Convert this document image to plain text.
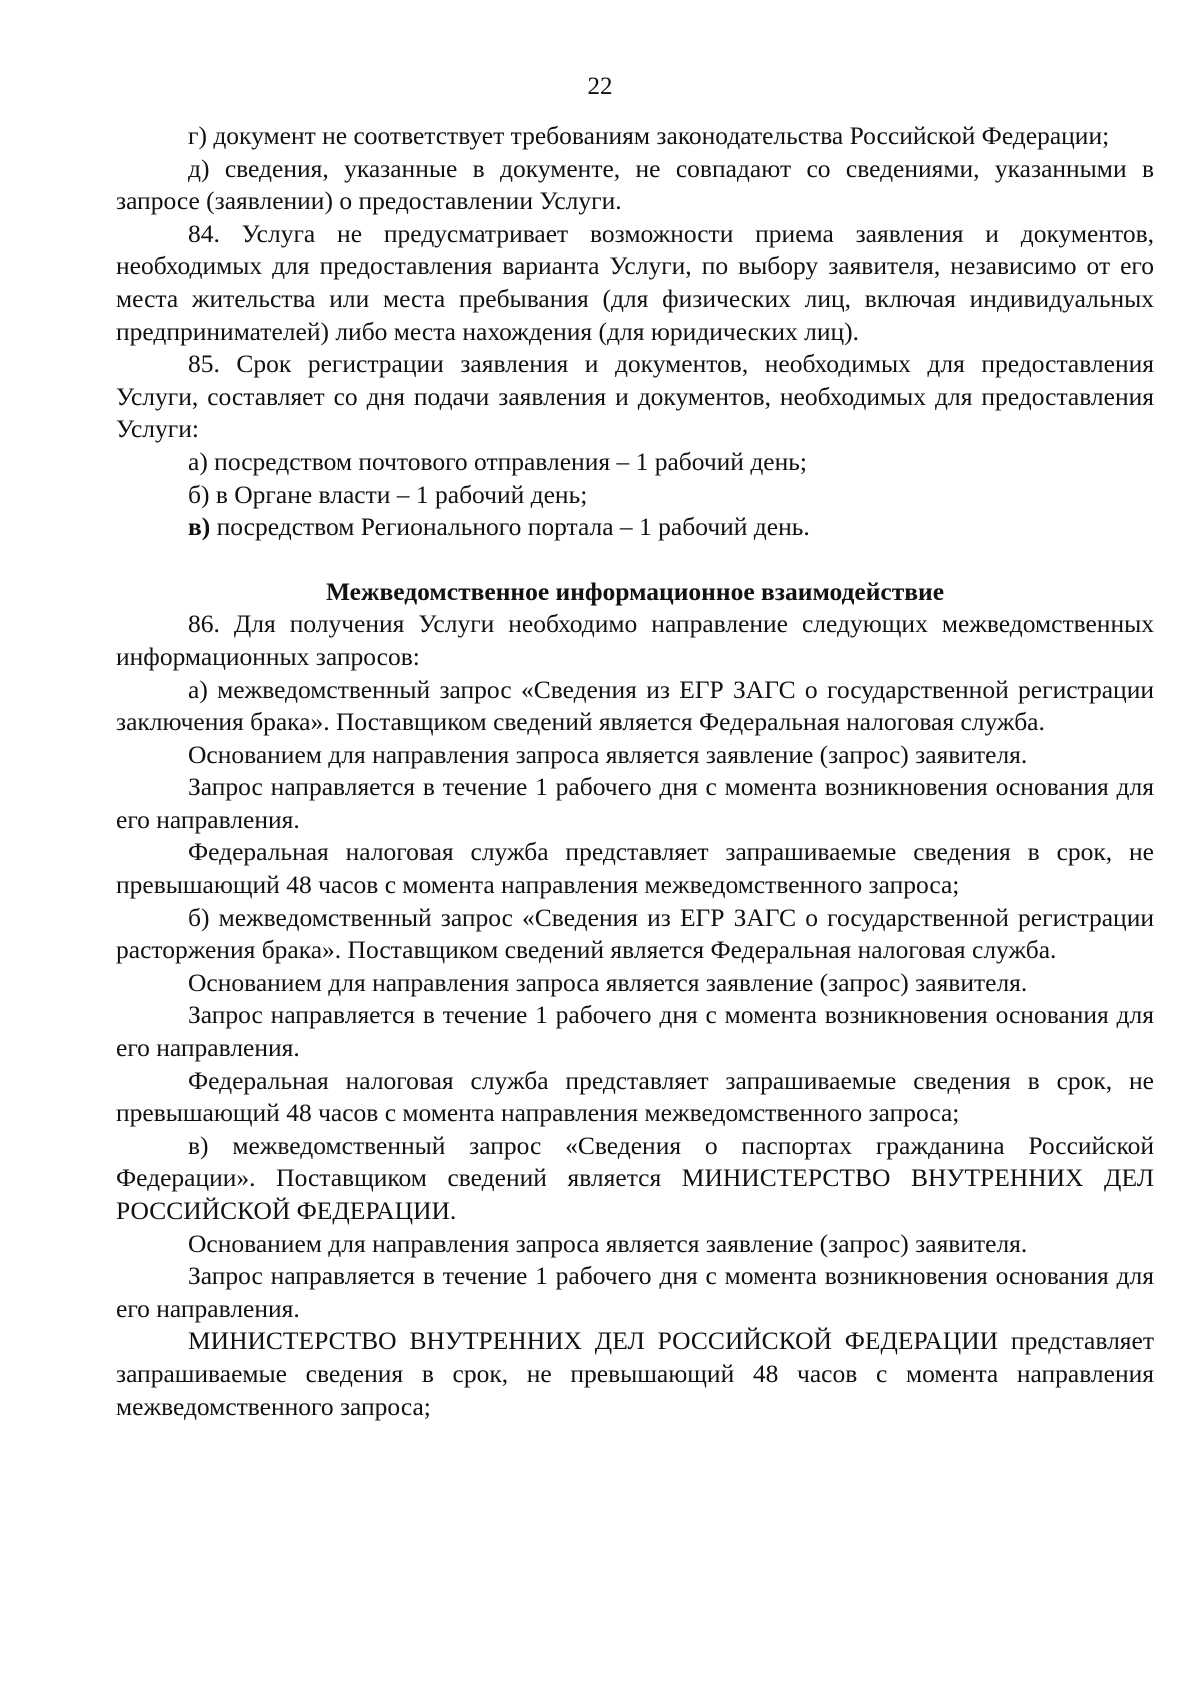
22

г) документ не соответствует требованиям законодательства Российской Федерации;

д) сведения, указанные в документе, не совпадают со сведениями, указанными в запросе (заявлении) о предоставлении Услуги.

84. Услуга не предусматривает возможности приема заявления и документов, необходимых для предоставления варианта Услуги, по выбору заявителя, независимо от его места жительства или места пребывания (для физических лиц, включая индивидуальных предпринимателей) либо места нахождения (для юридических лиц).

85. Срок регистрации заявления и документов, необходимых для предоставления Услуги, составляет со дня подачи заявления и документов, необходимых для предоставления Услуги:

а) посредством почтового отправления – 1 рабочий день;

б) в Органе власти – 1 рабочий день;

в) посредством Регионального портала – 1 рабочий день.

Межведомственное информационное взаимодействие

86. Для получения Услуги необходимо направление следующих межведомственных информационных запросов:

а) межведомственный запрос «Сведения из ЕГР ЗАГС о государственной регистрации заключения брака». Поставщиком сведений является Федеральная налоговая служба.

Основанием для направления запроса является заявление (запрос) заявителя.

Запрос направляется в течение 1 рабочего дня с момента возникновения основания для его направления.

Федеральная налоговая служба представляет запрашиваемые сведения в срок, не превышающий 48 часов с момента направления межведомственного запроса;

б) межведомственный запрос «Сведения из ЕГР ЗАГС о государственной регистрации расторжения брака». Поставщиком сведений является Федеральная налоговая служба.

Основанием для направления запроса является заявление (запрос) заявителя.

Запрос направляется в течение 1 рабочего дня с момента возникновения основания для его направления.

Федеральная налоговая служба представляет запрашиваемые сведения в срок, не превышающий 48 часов с момента направления межведомственного запроса;

в) межведомственный запрос «Сведения о паспортах гражданина Российской Федерации». Поставщиком сведений является МИНИСТЕРСТВО ВНУТРЕННИХ ДЕЛ РОССИЙСКОЙ ФЕДЕРАЦИИ.

Основанием для направления запроса является заявление (запрос) заявителя.

Запрос направляется в течение 1 рабочего дня с момента возникновения основания для его направления.

МИНИСТЕРСТВО ВНУТРЕННИХ ДЕЛ РОССИЙСКОЙ ФЕДЕРАЦИИ представляет запрашиваемые сведения в срок, не превышающий 48 часов с момента направления межведомственного запроса;
